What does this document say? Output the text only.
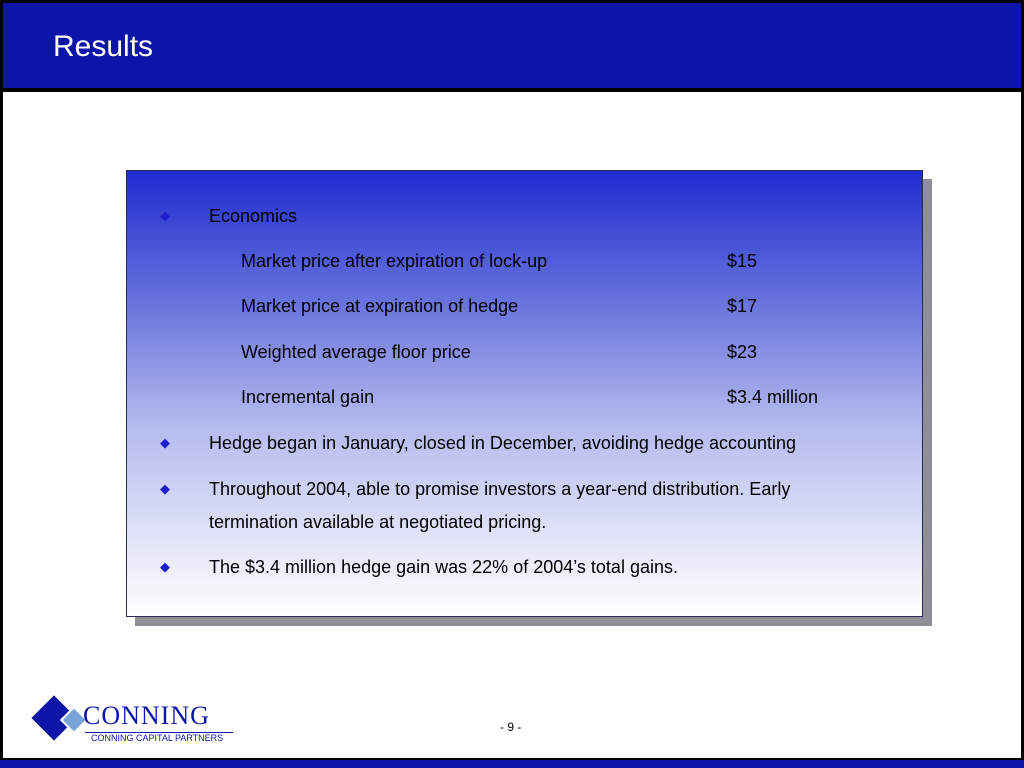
Results
◆ Economics
Market price after expiration of lock-up	$15
Market price at expiration of hedge	$17
Weighted average floor price	$23
Incremental gain	$3.4 million
◆ Hedge began in January, closed in December, avoiding hedge accounting
◆ Throughout 2004, able to promise investors a year-end distribution. Early
termination available at negotiated pricing.
◆ The $3.4 million hedge gain was 22% of 2004’s total gains.
CONNING
CONNING CAPITAL PARTNERS
- 9 -
